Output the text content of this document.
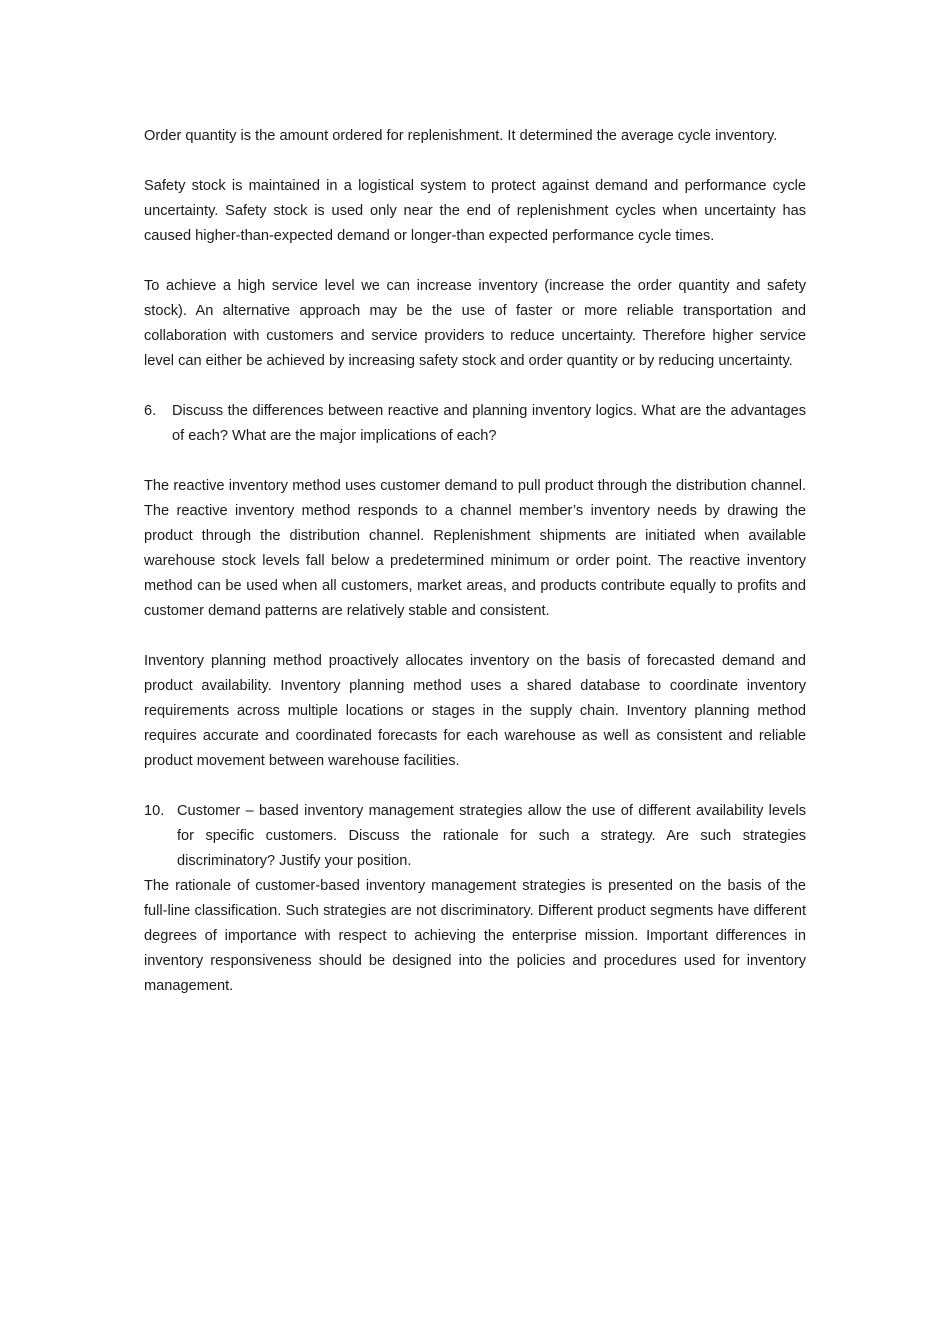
Order quantity is the amount ordered for replenishment. It determined the average cycle inventory.

Safety stock is maintained in a logistical system to protect against demand and performance cycle uncertainty. Safety stock is used only near the end of replenishment cycles when uncertainty has caused higher-than-expected demand or longer-than expected performance cycle times.

To achieve a high service level we can increase inventory (increase the order quantity and safety stock). An alternative approach may be the use of faster or more reliable transportation and collaboration with customers and service providers to reduce uncertainty. Therefore higher service level can either be achieved by increasing safety stock and order quantity or by reducing uncertainty.

6. Discuss the differences between reactive and planning inventory logics. What are the advantages of each? What are the major implications of each?

The reactive inventory method uses customer demand to pull product through the distribution channel. The reactive inventory method responds to a channel member’s inventory needs by drawing the product through the distribution channel. Replenishment shipments are initiated when available warehouse stock levels fall below a predetermined minimum or order point. The reactive inventory method can be used when all customers, market areas, and products contribute equally to profits and customer demand patterns are relatively stable and consistent.

Inventory planning method proactively allocates inventory on the basis of forecasted demand and product availability. Inventory planning method uses a shared database to coordinate inventory requirements across multiple locations or stages in the supply chain. Inventory planning method requires accurate and coordinated forecasts for each warehouse as well as consistent and reliable product movement between warehouse facilities.

10. Customer – based inventory management strategies allow the use of different availability levels for specific customers. Discuss the rationale for such a strategy. Are such strategies discriminatory? Justify your position.

The rationale of customer-based inventory management strategies is presented on the basis of the full-line classification. Such strategies are not discriminatory. Different product segments have different degrees of importance with respect to achieving the enterprise mission. Important differences in inventory responsiveness should be designed into the policies and procedures used for inventory management.
